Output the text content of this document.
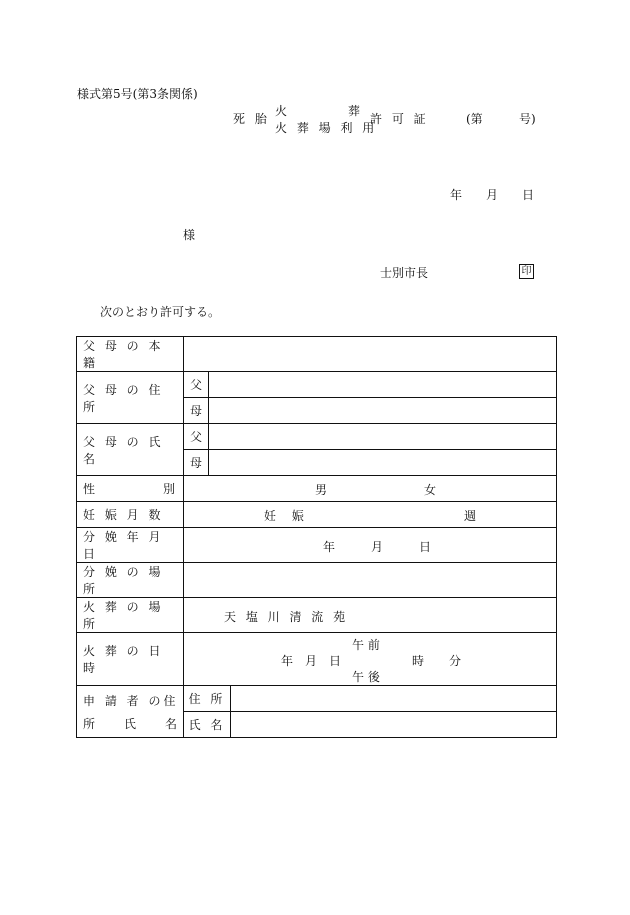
様式第5号(第3条関係)
死 胎
火	葬
火 葬 場 利 用
許 可 証	(第	号)
年 月 日
様
士別市長	印
次のとおり許可する。
父 母 の 本 籍			
父 母 の 住 所	父		
	母		
父 母 の 氏 名	父		
	母		

性 別	男 女		

妊 娠 月 数	妊　 娠 週		

分 娩 年 月 日	年 月 日		

分 娩 の 場 所			
火 葬 の 場 所	天 塩 川 清 流 苑		

火 葬 の 日 時	午 前
年　月　日 時 分
午 後		

申 請 者 の住
所 氏 名	住 所		
	氏 名		
